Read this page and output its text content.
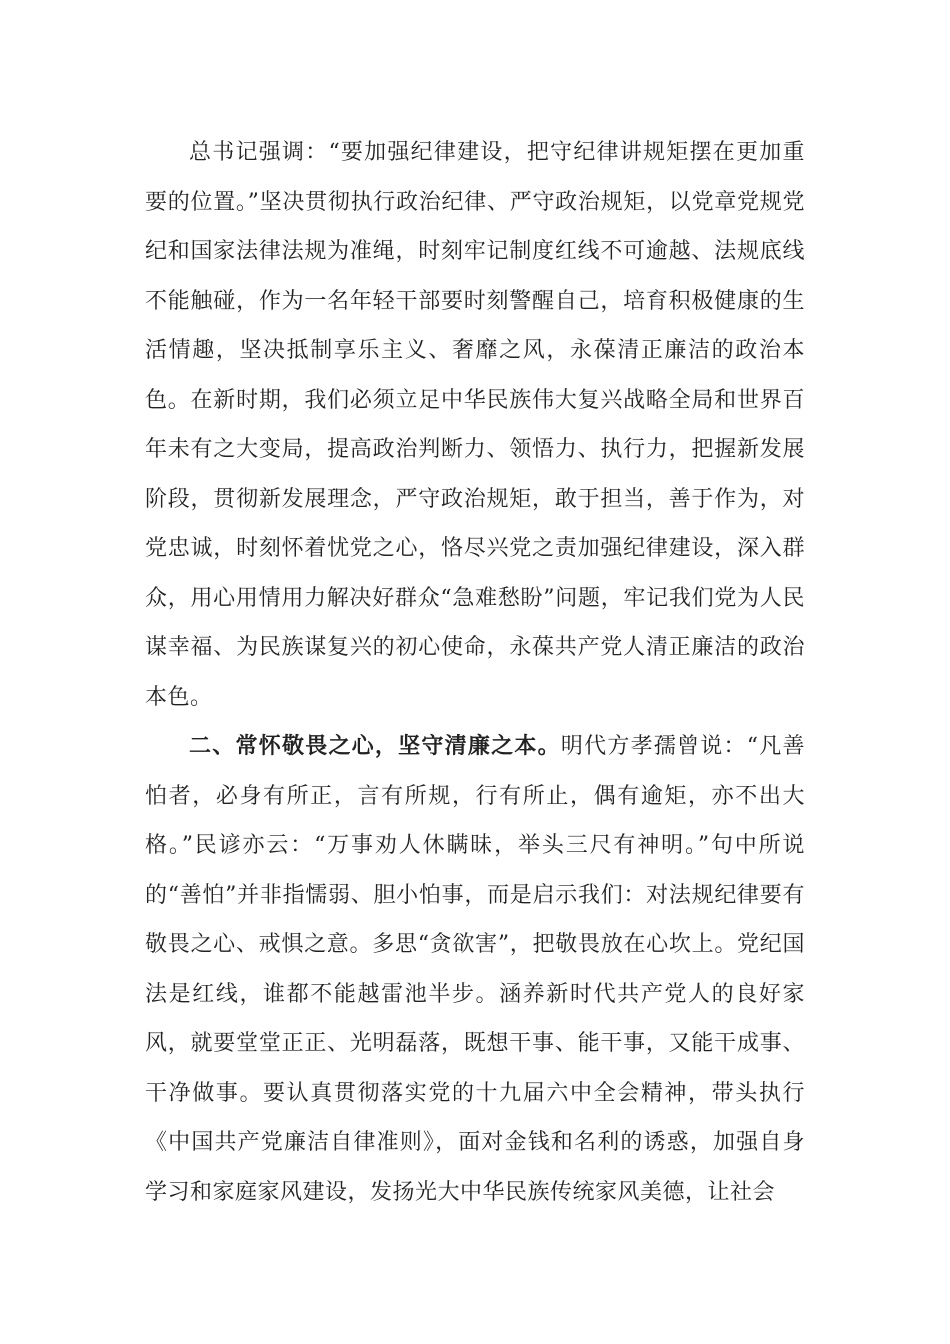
总书记强调：“要加强纪律建设，把守纪律讲规矩摆在更加重要的位置。”坚决贯彻执行政治纪律、严守政治规矩，以党章党规党纪和国家法律法规为准绳，时刻牢记制度红线不可逾越、法规底线不能触碰，作为一名年轻干部要时刻警醒自己，培育积极健康的生活情趣，坚决抵制享乐主义、奢靡之风，永葆清正廉洁的政治本色。在新时期，我们必须立足中华民族伟大复兴战略全局和世界百年未有之大变局，提高政治判断力、领悟力、执行力，把握新发展阶段，贯彻新发展理念，严守政治规矩，敢于担当，善于作为，对党忠诚，时刻怀着忧党之心，恪尽兴党之责加强纪律建设，深入群众，用心用情用力解决好群众“急难愁盼”问题，牢记我们党为人民谋幸福、为民族谋复兴的初心使命，永葆共产党人清正廉洁的政治本色。

二、常怀敬畏之心，坚守清廉之本。明代方孝孺曾说：“凡善怕者，必身有所正，言有所规，行有所止，偶有逾矩，亦不出大格。”民谚亦云：“万事劝人休瞒昧，举头三尺有神明。”句中所说的“善怕”并非指懦弱、胆小怕事，而是启示我们：对法规纪律要有敬畏之心、戒惧之意。多思“贪欲害”，把敬畏放在心坎上。党纪国法是红线，谁都不能越雷池半步。涵养新时代共产党人的良好家风，就要堂堂正正、光明磊落，既想干事、能干事，又能干成事、干净做事。要认真贯彻落实党的十九届六中全会精神，带头执行《中国共产党廉洁自律准则》，面对金钱和名利的诱惑，加强自身学习和家庭家风建设，发扬光大中华民族传统家风美德，让社会
